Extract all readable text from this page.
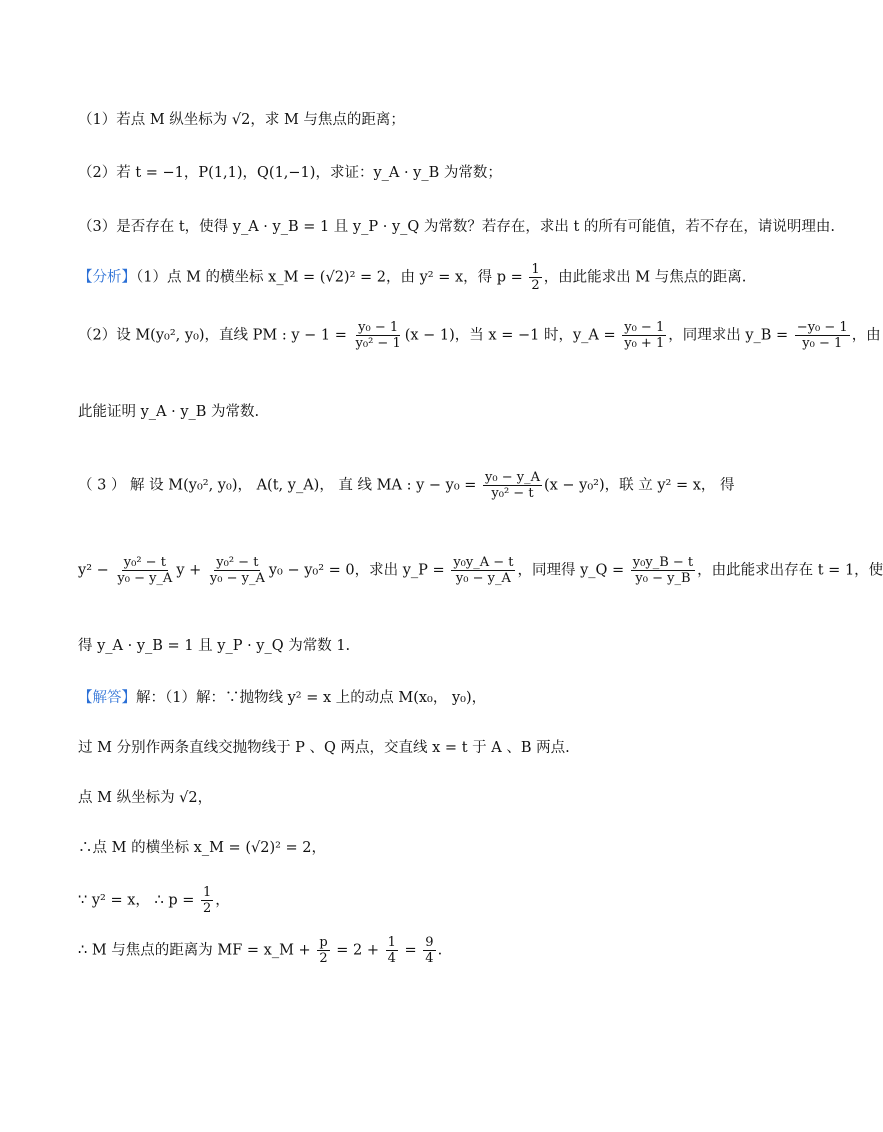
（1）若点 M 纵坐标为 √2，求 M 与焦点的距离；
（2）若 t = −1，P(1,1)，Q(1,−1)，求证：y_A · y_B 为常数；
（3）是否存在 t，使得 y_A · y_B = 1 且 y_P · y_Q 为常数？若存在，求出 t 的所有可能值，若不存在，请说明理由.
【分析】（1）点 M 的横坐标 x_M = (√2)² = 2，由 y² = x，得 $p = \frac{1}{2}$ ，由此能求出 M 与焦点的距离.
（2）设 M(y₀², y₀)，直线 PM : $y - 1 = \frac{\text{y₀ − 1}}{\text{y₀² − 1}} (x - 1)$，当 x = −1 时，y_A = $\frac{\text{y₀ − 1}}{\text{y₀ + 1}}$ ，同理求出 y_B = $\frac{\text{−y₀ − 1}}{\text{y₀ − 1}}$ ，由
此能证明 y_A · y_B 为常数.
（ 3 ） 解 设 M(y₀², y₀)， A(t, y_A)， 直 线 MA : $y - y_0 = \frac{\text{y₀ − y\_A}}{\text{y₀² − t}} (x - y_0^2)$，联 立 y² = x， 得
$y^2 - \frac{\text{y₀² − t}}{\text{y₀ − y\_A}}$ $y + \frac{\text{y₀² − t}}{\text{y₀ − y\_A}} y_0 - y_0^2 = 0$，求出 y_P = $\frac{\text{y₀y\_A − t}}{\text{y₀ − y\_A}}$ ，同理得 y_Q = $\frac{\text{y₀y\_B − t}}{\text{y₀ − y\_B}}$ ，由此能求出存在 t = 1，使
得 y_A · y_B = 1 且 y_P · y_Q 为常数 1.
【解答】解：（1）解：∵抛物线 y² = x 上的动点 M(x₀， y₀)，
过 M 分别作两条直线交抛物线于 P 、Q 两点，交直线 x = t 于 A 、B 两点.
点 M 纵坐标为 √2，
∴点 M 的横坐标 x_M = (√2)² = 2，
∵ y² = x， ∴ $p = \frac{1}{2}$ ，
∴ M 与焦点的距离为 MF = x_M + $\frac{p}{2} = 2 + \frac{1}{4} = \frac{9}{4}$ .
